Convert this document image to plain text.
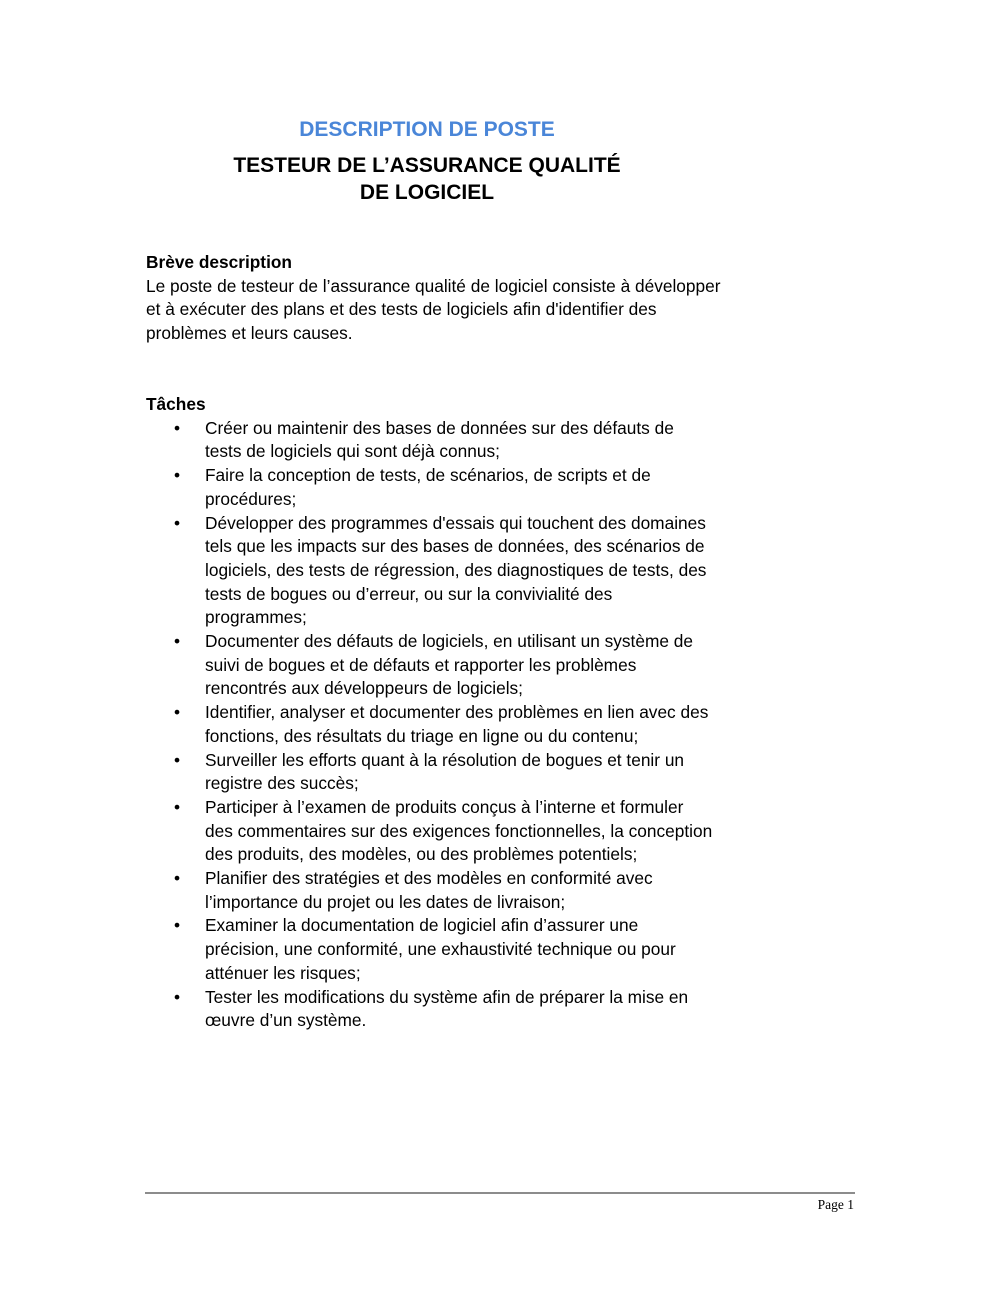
DESCRIPTION DE POSTE
TESTEUR DE L’ASSURANCE QUALITÉ
DE LOGICIEL

Brève description

Le poste de testeur de l’assurance qualité de logiciel consiste à développer et à exécuter des plans et des tests de logiciels afin d'identifier des problèmes et leurs causes.

Tâches

• Créer ou maintenir des bases de données sur des défauts de tests de logiciels qui sont déjà connus;
• Faire la conception de tests, de scénarios, de scripts et de procédures;
• Développer des programmes d'essais qui touchent des domaines tels que les impacts sur des bases de données, des scénarios de logiciels, des tests de régression, des diagnostiques de tests, des tests de bogues ou d’erreur, ou sur la convivialité des programmes;
• Documenter des défauts de logiciels, en utilisant un système de suivi de bogues et de défauts et rapporter les problèmes rencontrés aux développeurs de logiciels;
• Identifier, analyser et documenter des problèmes en lien avec des fonctions, des résultats du triage en ligne ou du contenu;
• Surveiller les efforts quant à la résolution de bogues et tenir un registre des succès;
• Participer à l’examen de produits conçus à l’interne et formuler des commentaires sur des exigences fonctionnelles, la conception des produits, des modèles, ou des problèmes potentiels;
• Planifier des stratégies et des modèles en conformité avec l’importance du projet ou les dates de livraison;
• Examiner la documentation de logiciel afin d’assurer une précision, une conformité, une exhaustivité technique ou pour atténuer les risques;
• Tester les modifications du système afin de préparer la mise en œuvre d’un système.
Page 1
